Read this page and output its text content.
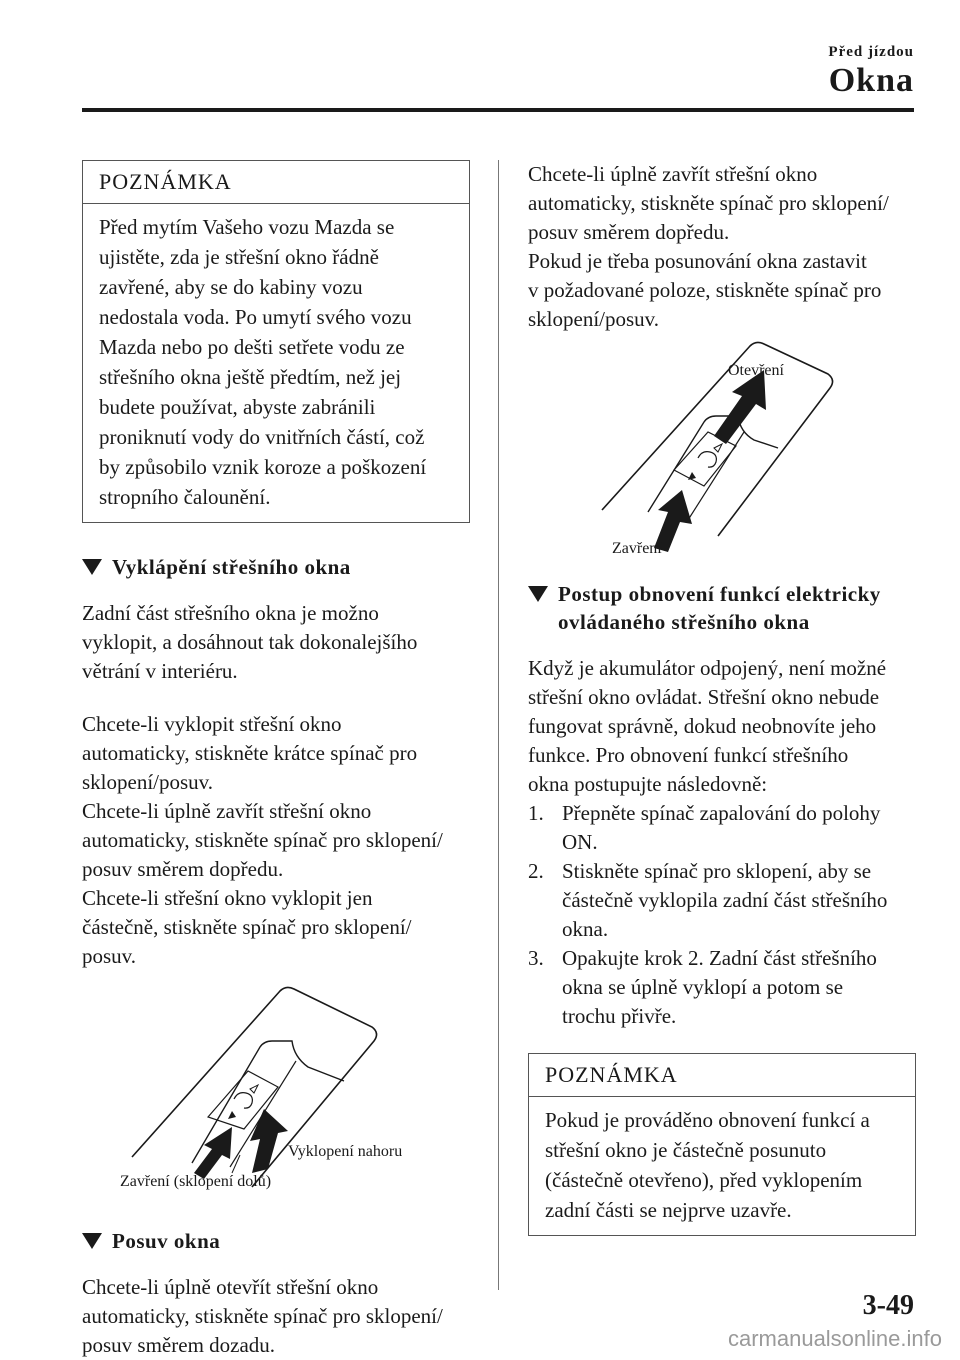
Před jízdou
Okna
POZNÁMKA
Před mytím Vašeho vozu Mazda se
ujistěte, zda je střešní okno řádně
zavřené, aby se do kabiny vozu
nedostala voda. Po umytí svého vozu
Mazda nebo po dešti setřete vodu ze
střešního okna ještě předtím, než jej
budete používat, abyste zabránili
proniknutí vody do vnitřních částí, což
by způsobilo vznik koroze a poškození
stropního čalounění.
Vyklápění střešního okna
Zadní část střešního okna je možno
vyklopit, a dosáhnout tak dokonalejšího
větrání v interiéru.
Chcete-li vyklopit střešní okno
automaticky, stiskněte krátce spínač pro
sklopení/posuv.
Chcete-li úplně zavřít střešní okno
automaticky, stiskněte spínač pro sklopení/
posuv směrem dopředu.
Chcete-li střešní okno vyklopit jen
částečně, stiskněte spínač pro sklopení/
posuv.
Vyklopení nahoru
Zavření (sklopení dolů)
Posuv okna
Chcete-li úplně otevřít střešní okno
automaticky, stiskněte spínač pro sklopení/
posuv směrem dozadu.
Chcete-li úplně zavřít střešní okno
automaticky, stiskněte spínač pro sklopení/
posuv směrem dopředu.
Pokud je třeba posunování okna zastavit
v požadované poloze, stiskněte spínač pro
sklopení/posuv.
Otevření
Zavření
Postup obnovení funkcí elektricky
ovládaného střešního okna
Když je akumulátor odpojený, není možné
střešní okno ovládat. Střešní okno nebude
fungovat správně, dokud neobnovíte jeho
funkce. Pro obnovení funkcí střešního
okna postupujte následovně:
1. Přepněte spínač zapalování do polohy
ON.
2. Stiskněte spínač pro sklopení, aby se
částečně vyklopila zadní část střešního
okna.
3. Opakujte krok 2. Zadní část střešního
okna se úplně vyklopí a potom se
trochu přivře.
POZNÁMKA
Pokud je prováděno obnovení funkcí a
střešní okno je částečně posunuto
(částečně otevřeno), před vyklopením
zadní části se nejprve uzavře.
3-49
carmanualsonline.info
